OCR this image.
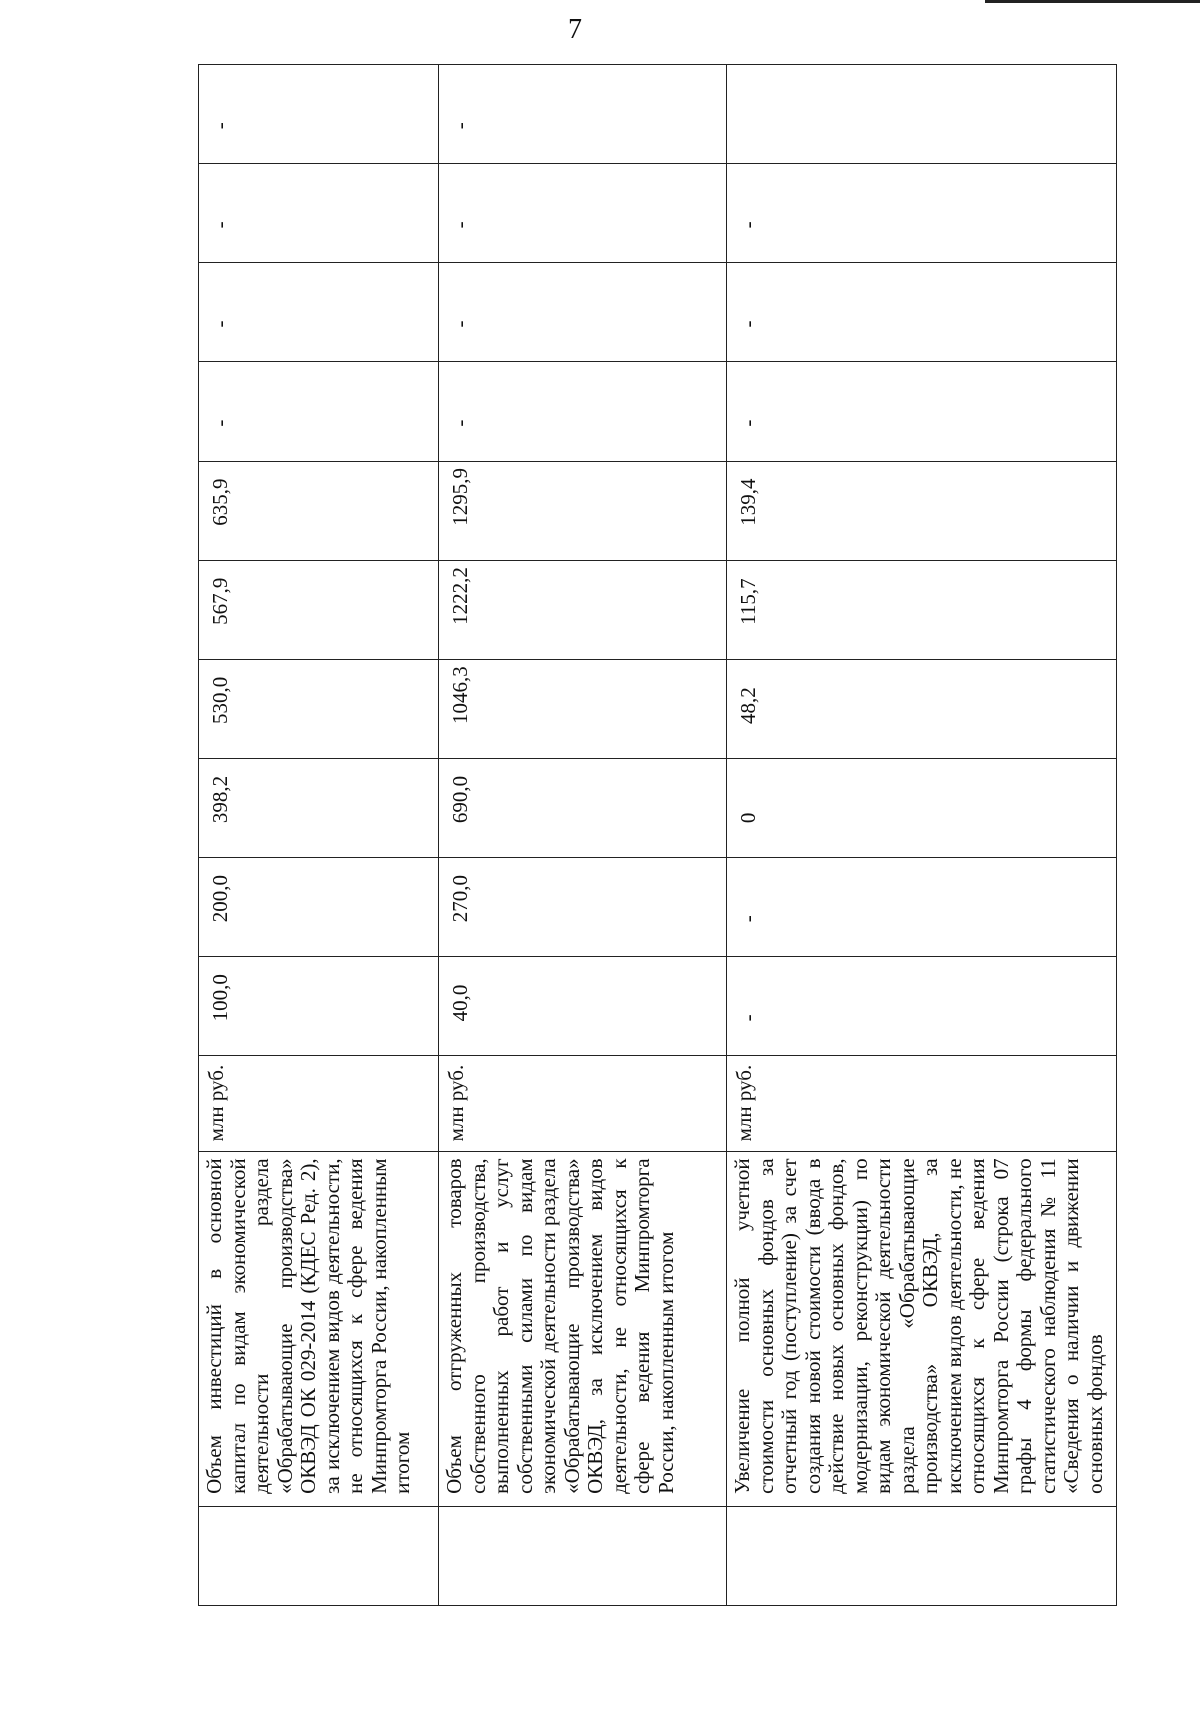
7

	Объем инвестиций в основной капитал по видам экономической деятельности раздела «Обрабатывающие производства» ОКВЭД ОК 029-2014 (КДЕС Ред. 2), за исключением видов деятельности, не относящихся к сфере ведения Минпромторга России, накопленным итогом	млн руб.	100,0	200,0	398,2	530,0	567,9	635,9	-	-	-	-

	Объем отгруженных товаров собственного производства, выполненных работ и услуг собственными силами по видам экономической деятельности раздела «Обрабатывающие производства» ОКВЭД, за исключением видов деятельности, не относящихся к сфере ведения Минпромторга России, накопленным итогом	млн руб.	40,0	270,0	690,0	1046,3	1222,2	1295,9	-	-	-	-

	Увеличение полной учетной стоимости основных фондов за отчетный год (поступление) за счет создания новой стоимости (ввода в действие новых основных фондов, модернизации, реконструкции) по видам экономической деятельности раздела «Обрабатывающие производства» ОКВЭД, за исключением видов деятельности, не относящихся к сфере ведения Минпромторга России (строка 07 графы 4 формы федерального статистического наблюдения № 11 «Сведения о наличии и движении основных фондов	млн руб.	-	-	0	48,2	115,7	139,4	-	-	-	
